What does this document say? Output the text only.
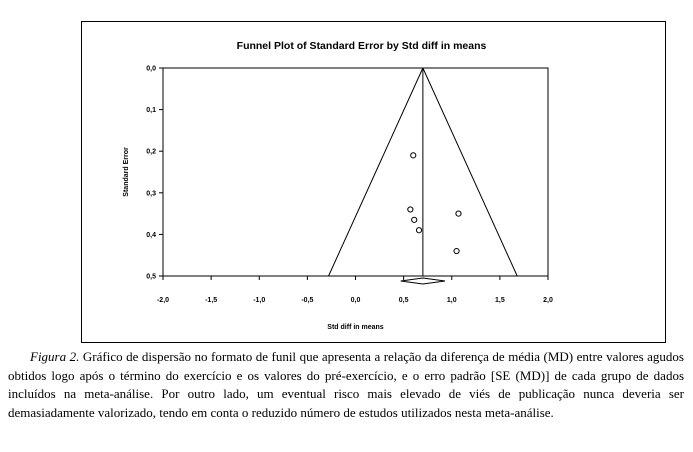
Funnel Plot of Standard Error by Std diff in means
0,0
0,1
0,2
0,3
0,4
0,5
-2,0	-1,5	-1,0	-0,5	0,0	0,5	1,0	1,5	2,0
Std diff in means
Standard Error

Figura 2. Gráfico de dispersão no formato de funil que apresenta a relação da diferença de média (MD) entre valores agudos obtidos logo após o término do exercício e os valores do pré-exercício, e o erro padrão [SE (MD)] de cada grupo de dados incluídos na meta-análise. Por outro lado, um eventual risco mais elevado de viés de publicação nunca deveria ser demasiadamente valorizado, tendo em conta o reduzido número de estudos utilizados nesta meta-análise.
